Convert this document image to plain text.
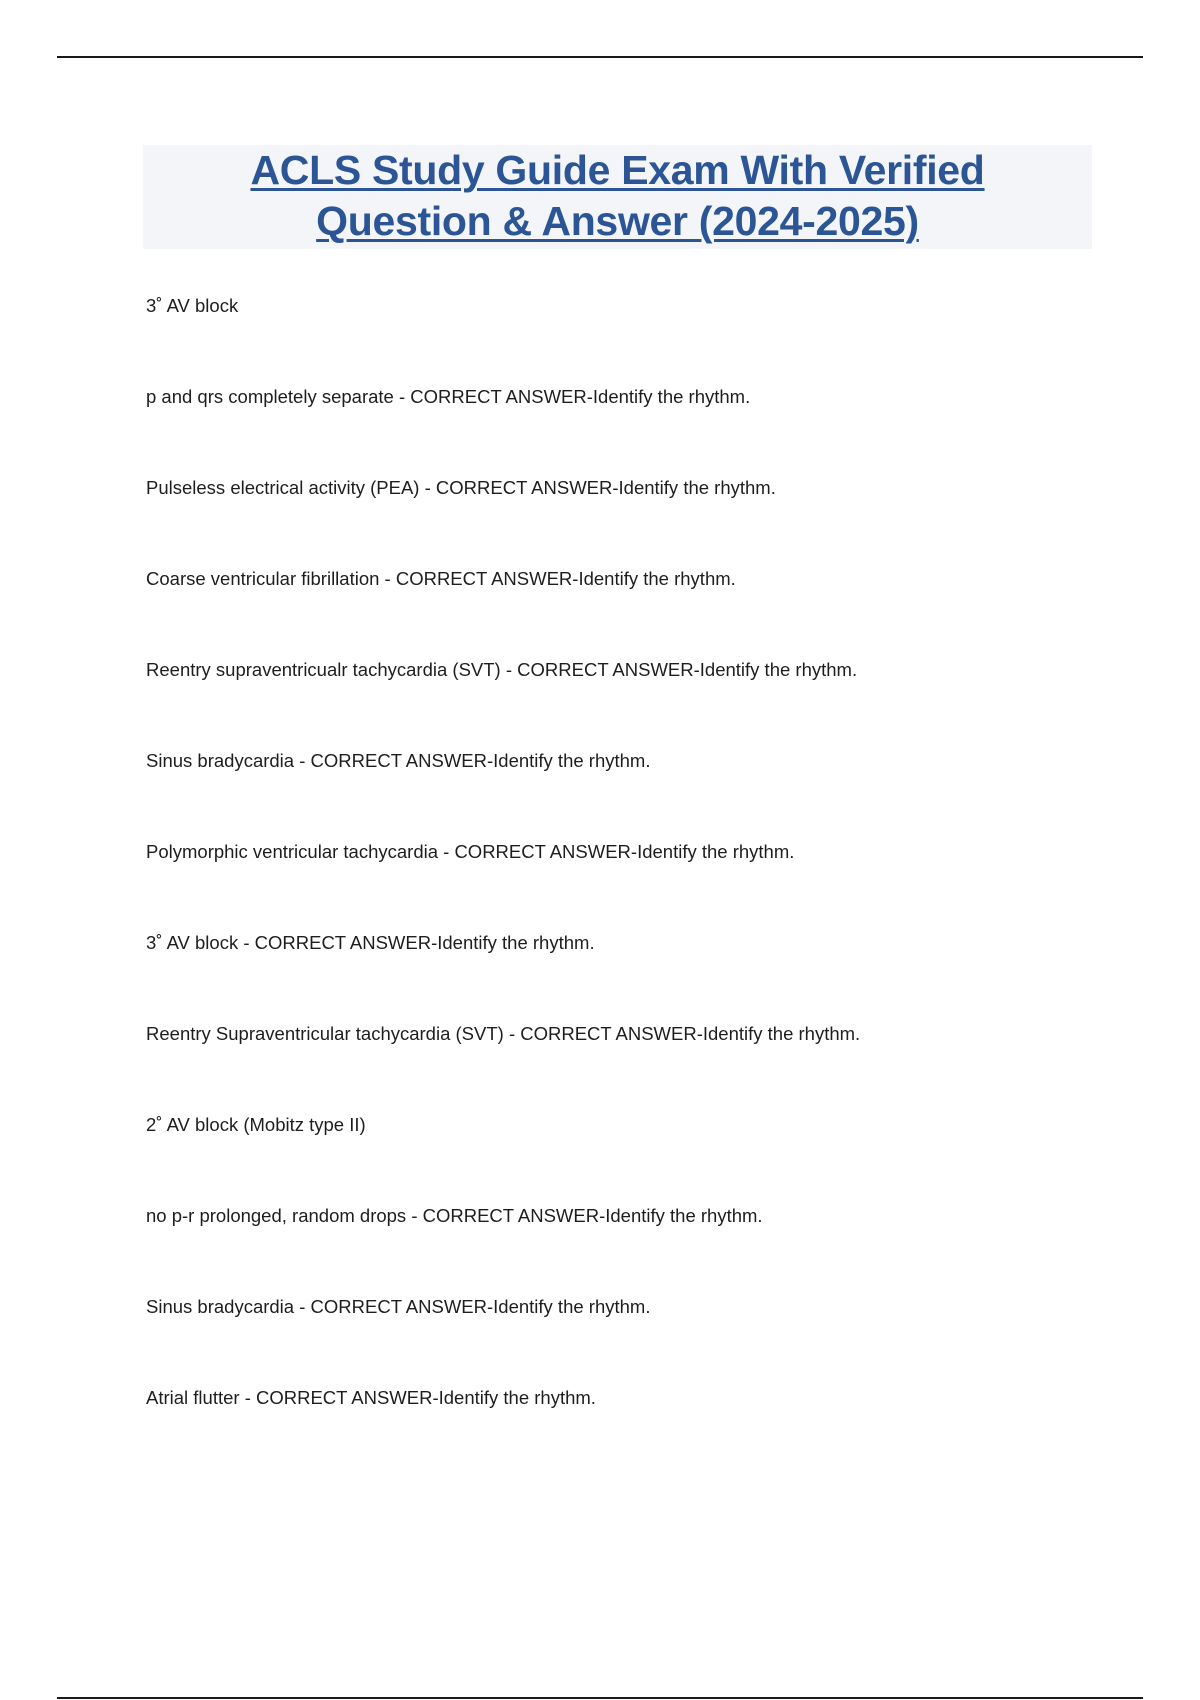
ACLS Study Guide Exam With Verified
Question & Answer (2024-2025)
3˚ AV block
p and qrs completely separate - CORRECT ANSWER-Identify the rhythm.
Pulseless electrical activity (PEA) - CORRECT ANSWER-Identify the rhythm.
Coarse ventricular fibrillation - CORRECT ANSWER-Identify the rhythm.
Reentry supraventricualr tachycardia (SVT) - CORRECT ANSWER-Identify the rhythm.
Sinus bradycardia - CORRECT ANSWER-Identify the rhythm.
Polymorphic ventricular tachycardia - CORRECT ANSWER-Identify the rhythm.
3˚ AV block - CORRECT ANSWER-Identify the rhythm.
Reentry Supraventricular tachycardia (SVT) - CORRECT ANSWER-Identify the rhythm.
2˚ AV block (Mobitz type II)
no p-r prolonged, random drops - CORRECT ANSWER-Identify the rhythm.
Sinus bradycardia - CORRECT ANSWER-Identify the rhythm.
Atrial flutter - CORRECT ANSWER-Identify the rhythm.
